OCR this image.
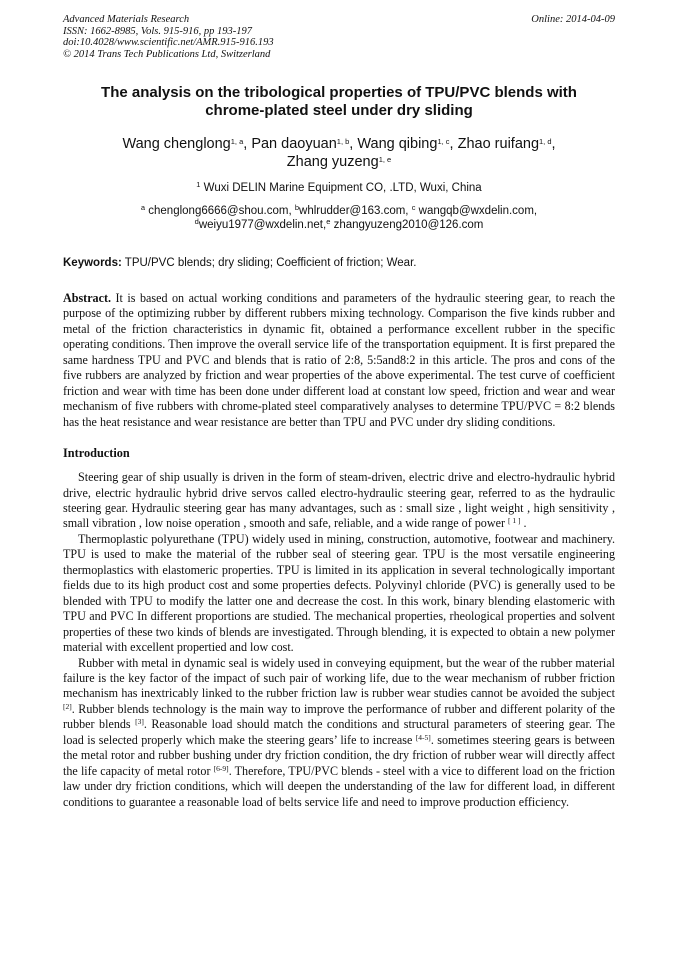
Advanced Materials Research
ISSN: 1662-8985, Vols. 915-916, pp 193-197
doi:10.4028/www.scientific.net/AMR.915-916.193
© 2014 Trans Tech Publications Ltd, Switzerland
Online: 2014-04-09
The analysis on the tribological properties of TPU/PVC blends with chrome-plated steel under dry sliding
Wang chenglong$^{1, a}$, Pan daoyuan$^{1, b}$, Wang qibing$^{1, c}$, Zhao ruifang$^{1, d}$,
Zhang yuzeng$^{1, e}$
$^1$ Wuxi DELIN Marine Equipment CO, .LTD, Wuxi, China
$^a$ chenglong6666@shou.com, $^b$whlrudder@163.com, $^c$ wangqb@wxdelin.com,
$^d$weiyu1977@wxdelin.net,$^e$ zhangyuzeng2010@126.com
Keywords: TPU/PVC blends; dry sliding; Coefficient of friction; Wear.
Abstract. It is based on actual working conditions and parameters of the hydraulic steering gear, to reach the purpose of the optimizing rubber by different rubbers mixing technology. Comparison the five kinds rubber and metal of the friction characteristics in dynamic fit, obtained a performance excellent rubber in the specific operating conditions. Then improve the overall service life of the transportation equipment. It is first prepared the same hardness TPU and PVC and blends that is ratio of 2:8, 5:5and8:2 in this article. The pros and cons of the five rubbers are analyzed by friction and wear properties of the above experimental. The test curve of coefficient friction and wear with time has been done under different load at constant low speed, friction and wear and wear mechanism of five rubbers with chrome-plated steel comparatively analyses to determine TPU/PVC = 8:2 blends has the heat resistance and wear resistance are better than TPU and PVC under dry sliding conditions.
Introduction

Steering gear of ship usually is driven in the form of steam-driven, electric drive and electro-hydraulic hybrid drive, electric hydraulic hybrid drive servos called electro-hydraulic steering gear, referred to as the hydraulic steering gear. Hydraulic steering gear has many advantages, such as : small size , light weight , high sensitivity , small vibration , low noise operation , smooth and safe, reliable, and a wide range of power [ 1 ] .

Thermoplastic polyurethane (TPU) widely used in mining, construction, automotive, footwear and machinery. TPU is used to make the material of the rubber seal of steering gear. TPU is the most versatile engineering thermoplastics with elastomeric properties. TPU is limited in its application in several technologically important fields due to its high product cost and some properties defects. Polyvinyl chloride (PVC) is generally used to be blended with TPU to modify the latter one and decrease the cost. In this work, binary blending elastomeric with TPU and PVC In different proportions are studied. The mechanical properties, rheological properties and solvent properties of these two kinds of blends are investigated. Through blending, it is expected to obtain a new polymer material with excellent propertied and low cost.

Rubber with metal in dynamic seal is widely used in conveying equipment, but the wear of the rubber material failure is the key factor of the impact of such pair of working life, due to the wear mechanism of rubber friction mechanism has inextricably linked to the rubber friction law is rubber wear studies cannot be avoided the subject [2]. Rubber blends technology is the main way to improve the performance of rubber and different polarity of the rubber blends [3]. Reasonable load should match the conditions and structural parameters of steering gear. The load is selected properly which make the steering gears’ life to increase [4-5]. sometimes steering gears is between the metal rotor and rubber bushing under dry friction condition, the dry friction of rubber wear will directly affect the life capacity of metal rotor [6-9]. Therefore, TPU/PVC blends - steel with a vice to different load on the friction law under dry friction conditions, which will deepen the understanding of the law for different load, in different conditions to guarantee a reasonable load of belts service life and need to improve production efficiency.
